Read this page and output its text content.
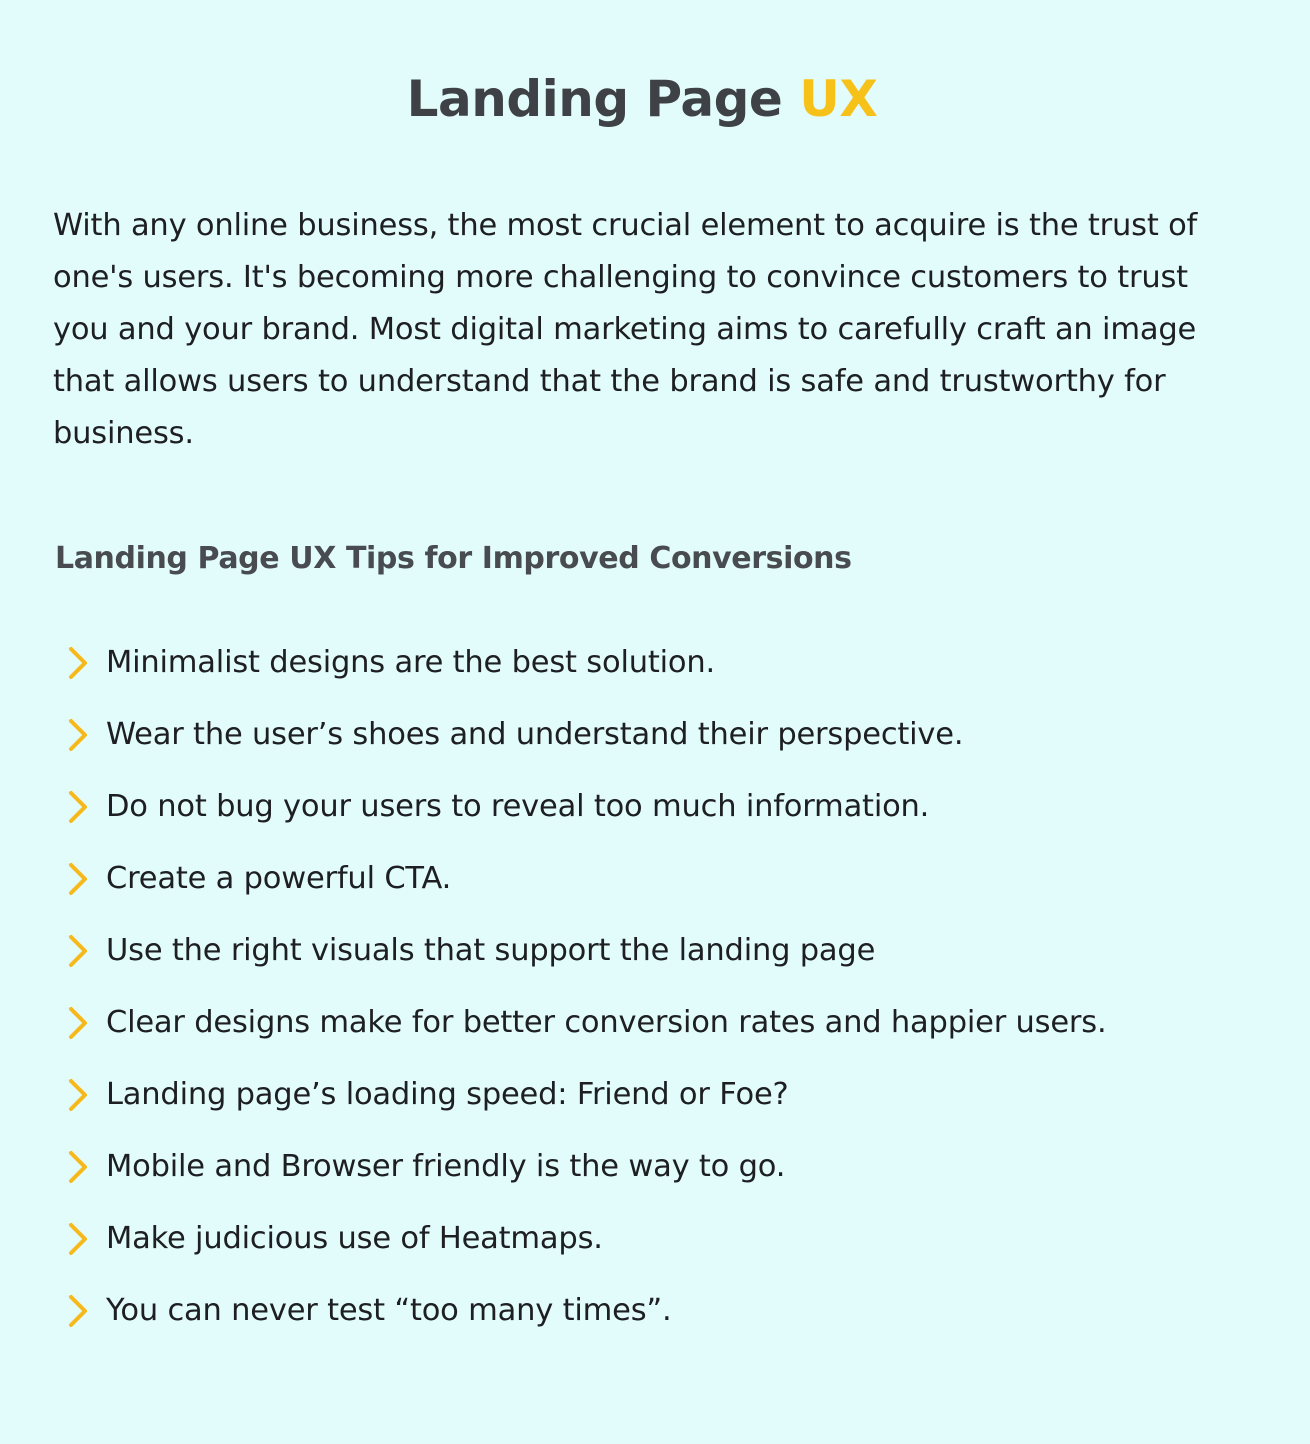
Landing Page UX

With any online business, the most crucial element to acquire is the trust of one's users. It's becoming more challenging to convince customers to trust you and your brand. Most digital marketing aims to carefully craft an image that allows users to understand that the brand is safe and trustworthy for business.

Landing Page UX Tips for Improved Conversions
Minimalist designs are the best solution.
Wear the user’s shoes and understand their perspective.
Do not bug your users to reveal too much information.
Create a powerful CTA.
Use the right visuals that support the landing page
Clear designs make for better conversion rates and happier users.
Landing page’s loading speed: Friend or Foe?
Mobile and Browser friendly is the way to go.
Make judicious use of Heatmaps.
You can never test “too many times”.
